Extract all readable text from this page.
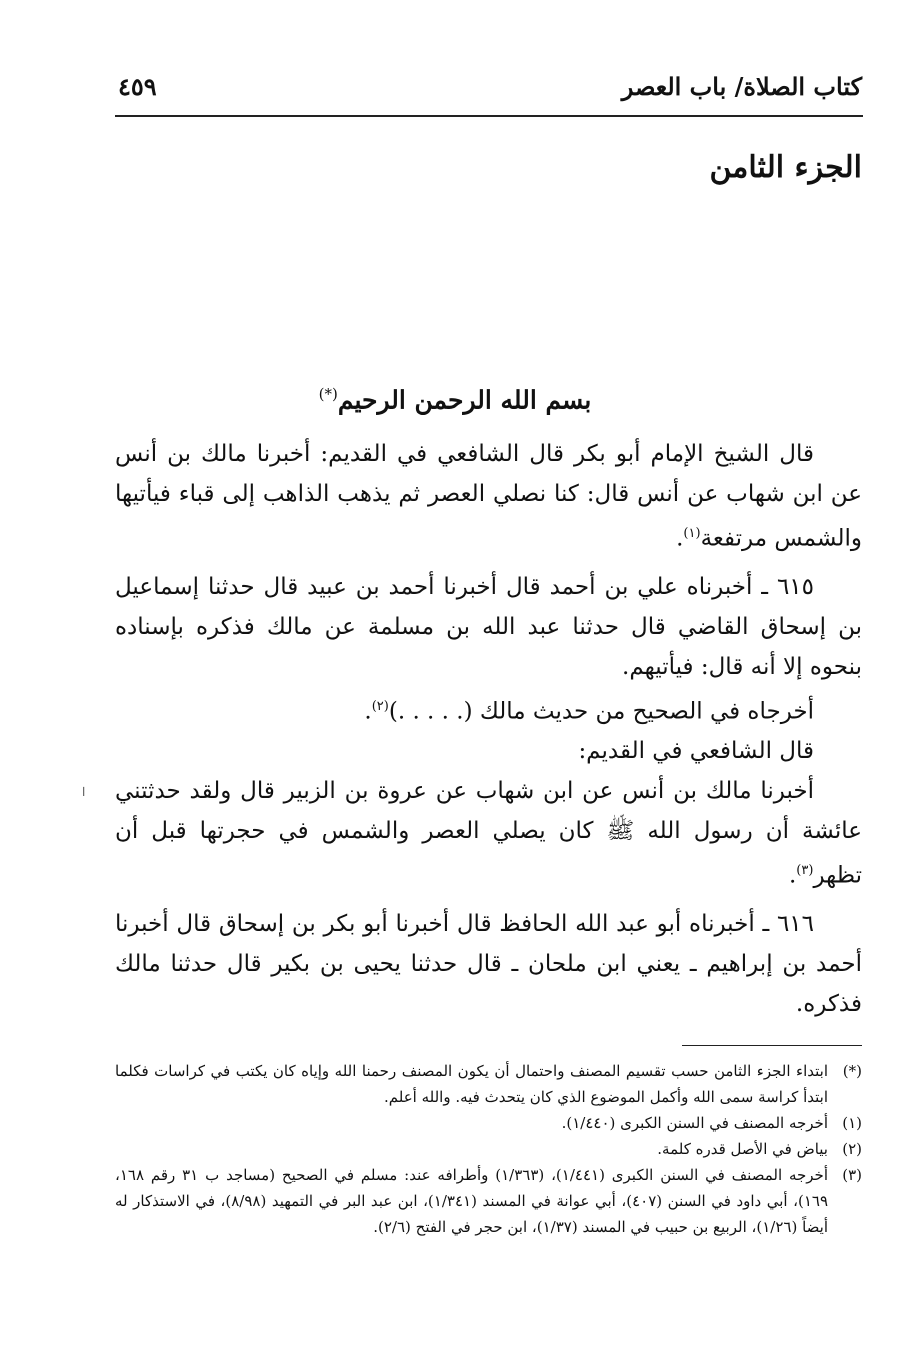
كتاب الصلاة/ باب العصر
٤٥٩
الجزء الثامن
بسم الله الرحمن الرحيم(*)

قال الشيخ الإمام أبو بكر قال الشافعي في القديم: أخبرنا مالك بن أنس عن ابن شهاب عن أنس قال: كنا نصلي العصر ثم يذهب الذاهب إلى قباء فيأتيها والشمس مرتفعة$^{(١)}$.

٦١٥ ـ أخبرناه علي بن أحمد قال أخبرنا أحمد بن عبيد قال حدثنا إسماعيل بن إسحاق القاضي قال حدثنا عبد الله بن مسلمة عن مالك فذكره بإسناده بنحوه إلا أنه قال: فيأتيهم.

أخرجاه في الصحيح من حديث مالك (. . . . .)$^{(٢)}$.

قال الشافعي في القديم:

أخبرنا مالك بن أنس عن ابن شهاب عن عروة بن الزبير قال ولقد حدثتني عائشة أن رسول الله ﷺ كان يصلي العصر والشمس في حجرتها قبل أن تظهر$^{(٣)}$.

٦١٦ ـ أخبرناه أبو عبد الله الحافظ قال أخبرنا أبو بكر بن إسحاق قال أخبرنا أحمد بن إبراهيم ـ يعني ابن ملحان ـ قال حدثنا يحيى بن بكير قال حدثنا مالك فذكره.

(*)
ابتداء الجزء الثامن حسب تقسيم المصنف واحتمال أن يكون المصنف رحمنا الله وإياه كان يكتب في كراسات فكلما ابتدأ كراسة سمى الله وأكمل الموضوع الذي كان يتحدث فيه. والله أعلم.
(١)
أخرجه المصنف في السنن الكبرى (١/٤٤٠).
(٢)
بياض في الأصل قدره كلمة.
(٣)
أخرجه المصنف في السنن الكبرى (١/٤٤١)، (١/٣٦٣) وأطرافه عند: مسلم في الصحيح (مساجد ب ٣١ رقم ١٦٨، ١٦٩)، أبي داود في السنن (٤٠٧)، أبي عوانة في المسند (١/٣٤١)، ابن عبد البر في التمهيد (٨/٩٨)، في الاستذكار له أيضاً (١/٢٦)، الربيع بن حبيب في المسند (١/٣٧)، ابن حجر في الفتح (٢/٦).
ا
